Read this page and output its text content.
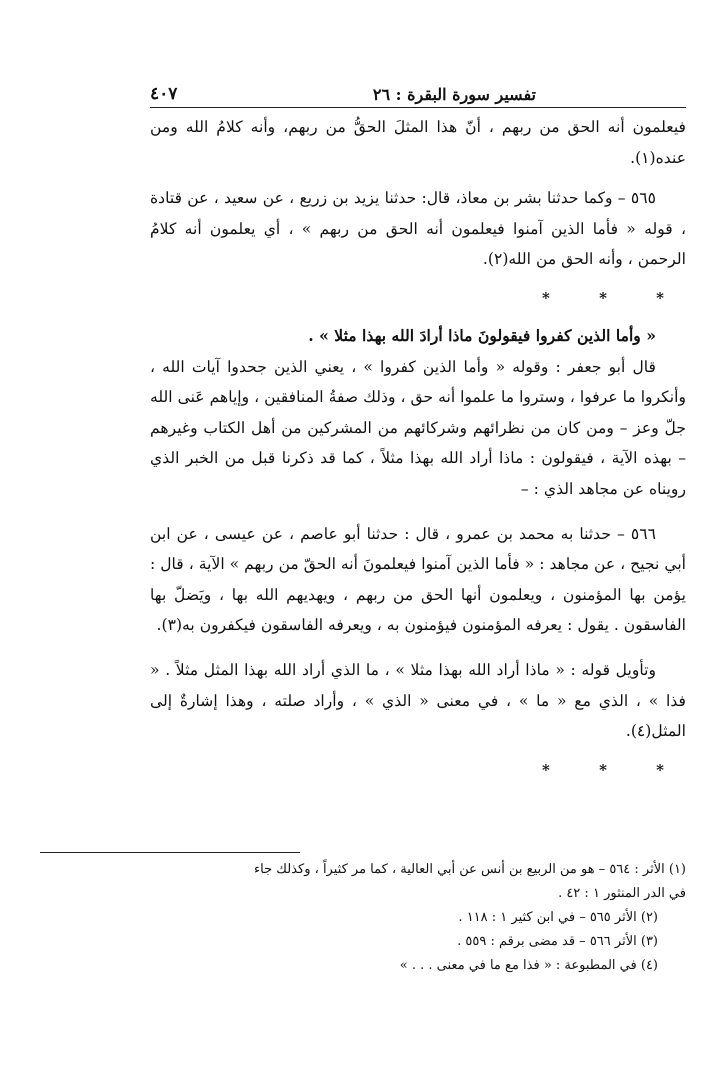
تفسير سورة البقرة : ٢٦
٤٠٧

فيعلمون أنه الحق من ربهم ، أنّ هذا المثلَ الحقُّ من ربهم، وأنه كلامُ الله ومن عنده(١).

٥٦٥ – وكما حدثنا بشر بن معاذ، قال: حدثنا يزيد بن زريع ، عن سعيد ، عن قتادة ، قوله « فأما الذين آمنوا فيعلمون أنه الحق من ربهم » ، أي يعلمون أنه كلامُ الرحمن ، وأنه الحق من الله(٢).

* * *

« وأما الذين كفروا فيقولونَ ماذا أرادَ الله بهذا مثلا » .

قال أبو جعفر : وقوله « وأما الذين كفروا » ، يعني الذين جحدوا آيات الله ، وأنكروا ما عرفوا ، وستروا ما علموا أنه حق ، وذلك صفةُ المنافقين ، وإياهم عَنى الله جلّ وعز – ومن كان من نظرائهم وشركائهم من المشركين من أهل الكتاب وغيرهم – بهذه الآية ، فيقولون : ماذا أراد الله بهذا مثلاً ، كما قد ذكرنا قبل من الخبر الذي رويناه عن مجاهد الذي : –

٥٦٦ – حدثنا به محمد بن عمرو ، قال : حدثنا أبو عاصم ، عن عيسى ، عن ابن أبي نجيح ، عن مجاهد : « فأما الذين آمنوا فيعلمونَ أنه الحقّ من ربهم » الآية ، قال : يؤمن بها المؤمنون ، ويعلمون أنها الحق من ربهم ، ويهديهم الله بها ، ويَضلّ بها الفاسقون . يقول : يعرفه المؤمنون فيؤمنون به ، ويعرفه الفاسقون فيكفرون به(٣).

وتأويل قوله : « ماذا أراد الله بهذا مثلا » ، ما الذي أراد الله بهذا المثل مثلاً . « فذا » ، الذي مع « ما » ، في معنى « الذي » ، وأراد صلته ، وهذا إشارةٌ إلى المثل(٤).

* * *

(١) الأثر : ٥٦٤ – هو من الربيع بن أنس عن أبي العالية ، كما مر كثيراً ، وكذلك جاء

في الدر المنثور ١ : ٤٢ .

(٢) الأثر ٥٦٥ – في ابن كثير ١ : ١١٨ .

(٣) الأثر ٥٦٦ – قد مضى برقم : ٥٥٩ .

(٤) في المطبوعة : « فذا مع ما في معنى . . . »
